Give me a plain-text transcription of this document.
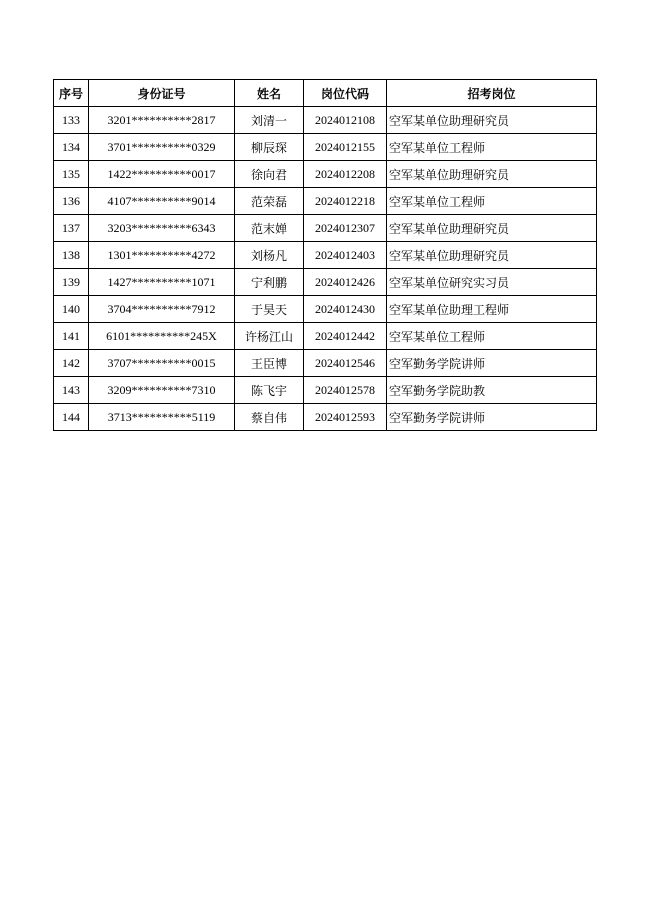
序号	身份证号	姓名	岗位代码	招考岗位
133	3201**********2817	刘清一	2024012108	空军某单位助理研究员
134	3701**********0329	柳辰琛	2024012155	空军某单位工程师
135	1422**********0017	徐向君	2024012208	空军某单位助理研究员
136	4107**********9014	范荣磊	2024012218	空军某单位工程师
137	3203**********6343	范末婵	2024012307	空军某单位助理研究员
138	1301**********4272	刘杨凡	2024012403	空军某单位助理研究员
139	1427**********1071	宁利鹏	2024012426	空军某单位研究实习员
140	3704**********7912	于昊天	2024012430	空军某单位助理工程师
141	6101**********245X	许杨江山	2024012442	空军某单位工程师
142	3707**********0015	王臣博	2024012546	空军勤务学院讲师
143	3209**********7310	陈飞宇	2024012578	空军勤务学院助教
144	3713**********5119	蔡自伟	2024012593	空军勤务学院讲师
